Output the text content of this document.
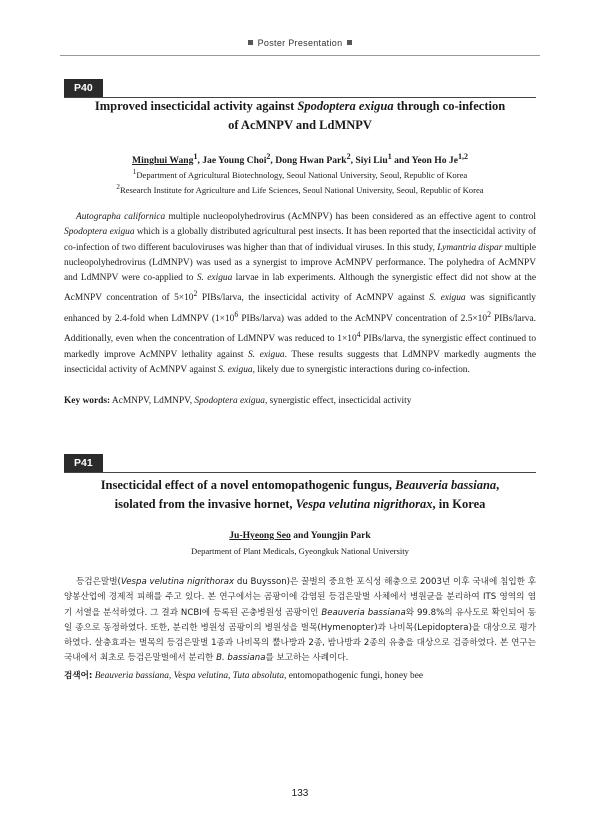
Poster Presentation
P40
Improved insecticidal activity against Spodoptera exigua through co-infection
of AcMNPV and LdMNPV
Minghui Wang$^1$, Jae Young Choi$^2$, Dong Hwan Park$^2$, Siyi Liu$^1$ and Yeon Ho Je$^{1,2}$
$^1$Department of Agricultural Biotechnology, Seoul National University, Seoul, Republic of Korea
$^2$Research Institute for Agriculture and Life Sciences, Seoul National University, Seoul, Republic of Korea
Autographa californica multiple nucleopolyhedrovirus (AcMNPV) has been considered as an effective agent to control Spodoptera exigua which is a globally distributed agricultural pest insects. It has been reported that the insecticidal activity of co-infection of two different baculoviruses was higher than that of individual viruses. In this study, Lymantria dispar multiple nucleopolyhedrovirus (LdMNPV) was used as a synergist to improve AcMNPV performance. The polyhedra of AcMNPV and LdMNPV were co-applied to S. exigua larvae in lab experiments. Although the synergistic effect did not show at the AcMNPV concentration of $5\times 10^2$ PIBs/larva, the insecticidal activity of AcMNPV against S. exigua was significantly enhanced by 2.4-fold when LdMNPV ($1\times 10^6$ PIBs/larva) was added to the AcMNPV concentration of $2.5\times 10^2$ PIBs/larva. Additionally, even when the concentration of LdMNPV was reduced to $1\times 10^4$ PIBs/larva, the synergistic effect continued to markedly improve AcMNPV lethality against S. exigua. These results suggests that LdMNPV markedly augments the insecticidal activity of AcMNPV against S. exigua, likely due to synergistic interactions during co-infection.
Key words: AcMNPV, LdMNPV, Spodoptera exigua, synergistic effect, insecticidal activity
P41
Insecticidal effect of a novel entomopathogenic fungus, Beauveria bassiana,
isolated from the invasive hornet, Vespa velutina nigrithorax, in Korea
Ju-Hyeong Seo and Youngjin Park
Department of Plant Medicals, Gyeongkuk National University
등검은말벌(Vespa velutina nigrithorax du Buysson)은 꿀벌의 중요한 포식성 해충으로 2003년 이후 국내에 침입한 후 양봉산업에 경제적 피해를 주고 있다. 본 연구에서는 곰팡이에 감염된 등검은말벌 사체에서 병원균을 분리하여 ITS 영역의 염기 서열을 분석하였다. 그 결과 NCBI에 등록된 곤충병원성 곰팡이인 Beauveria bassiana와 99.8%의 유사도로 확인되어 동일 종으로 동정하였다. 또한, 분리한 병원성 곰팡이의 병원성을 벌목(Hymenopter)과 나비목(Lepidoptera)을 대상으로 평가하였다. 살충효과는 벌목의 등검은말벌 1종과 나비목의 뿔나방과 2종, 밤나방과 2종의 유충을 대상으로 검증하였다. 본 연구는 국내에서 최초로 등검은말벌에서 분리한 B. bassiana를 보고하는 사례이다.
검색어: Beauveria bassiana, Vespa velutina, Tuta absoluta, entomopathogenic fungi, honey bee
133
